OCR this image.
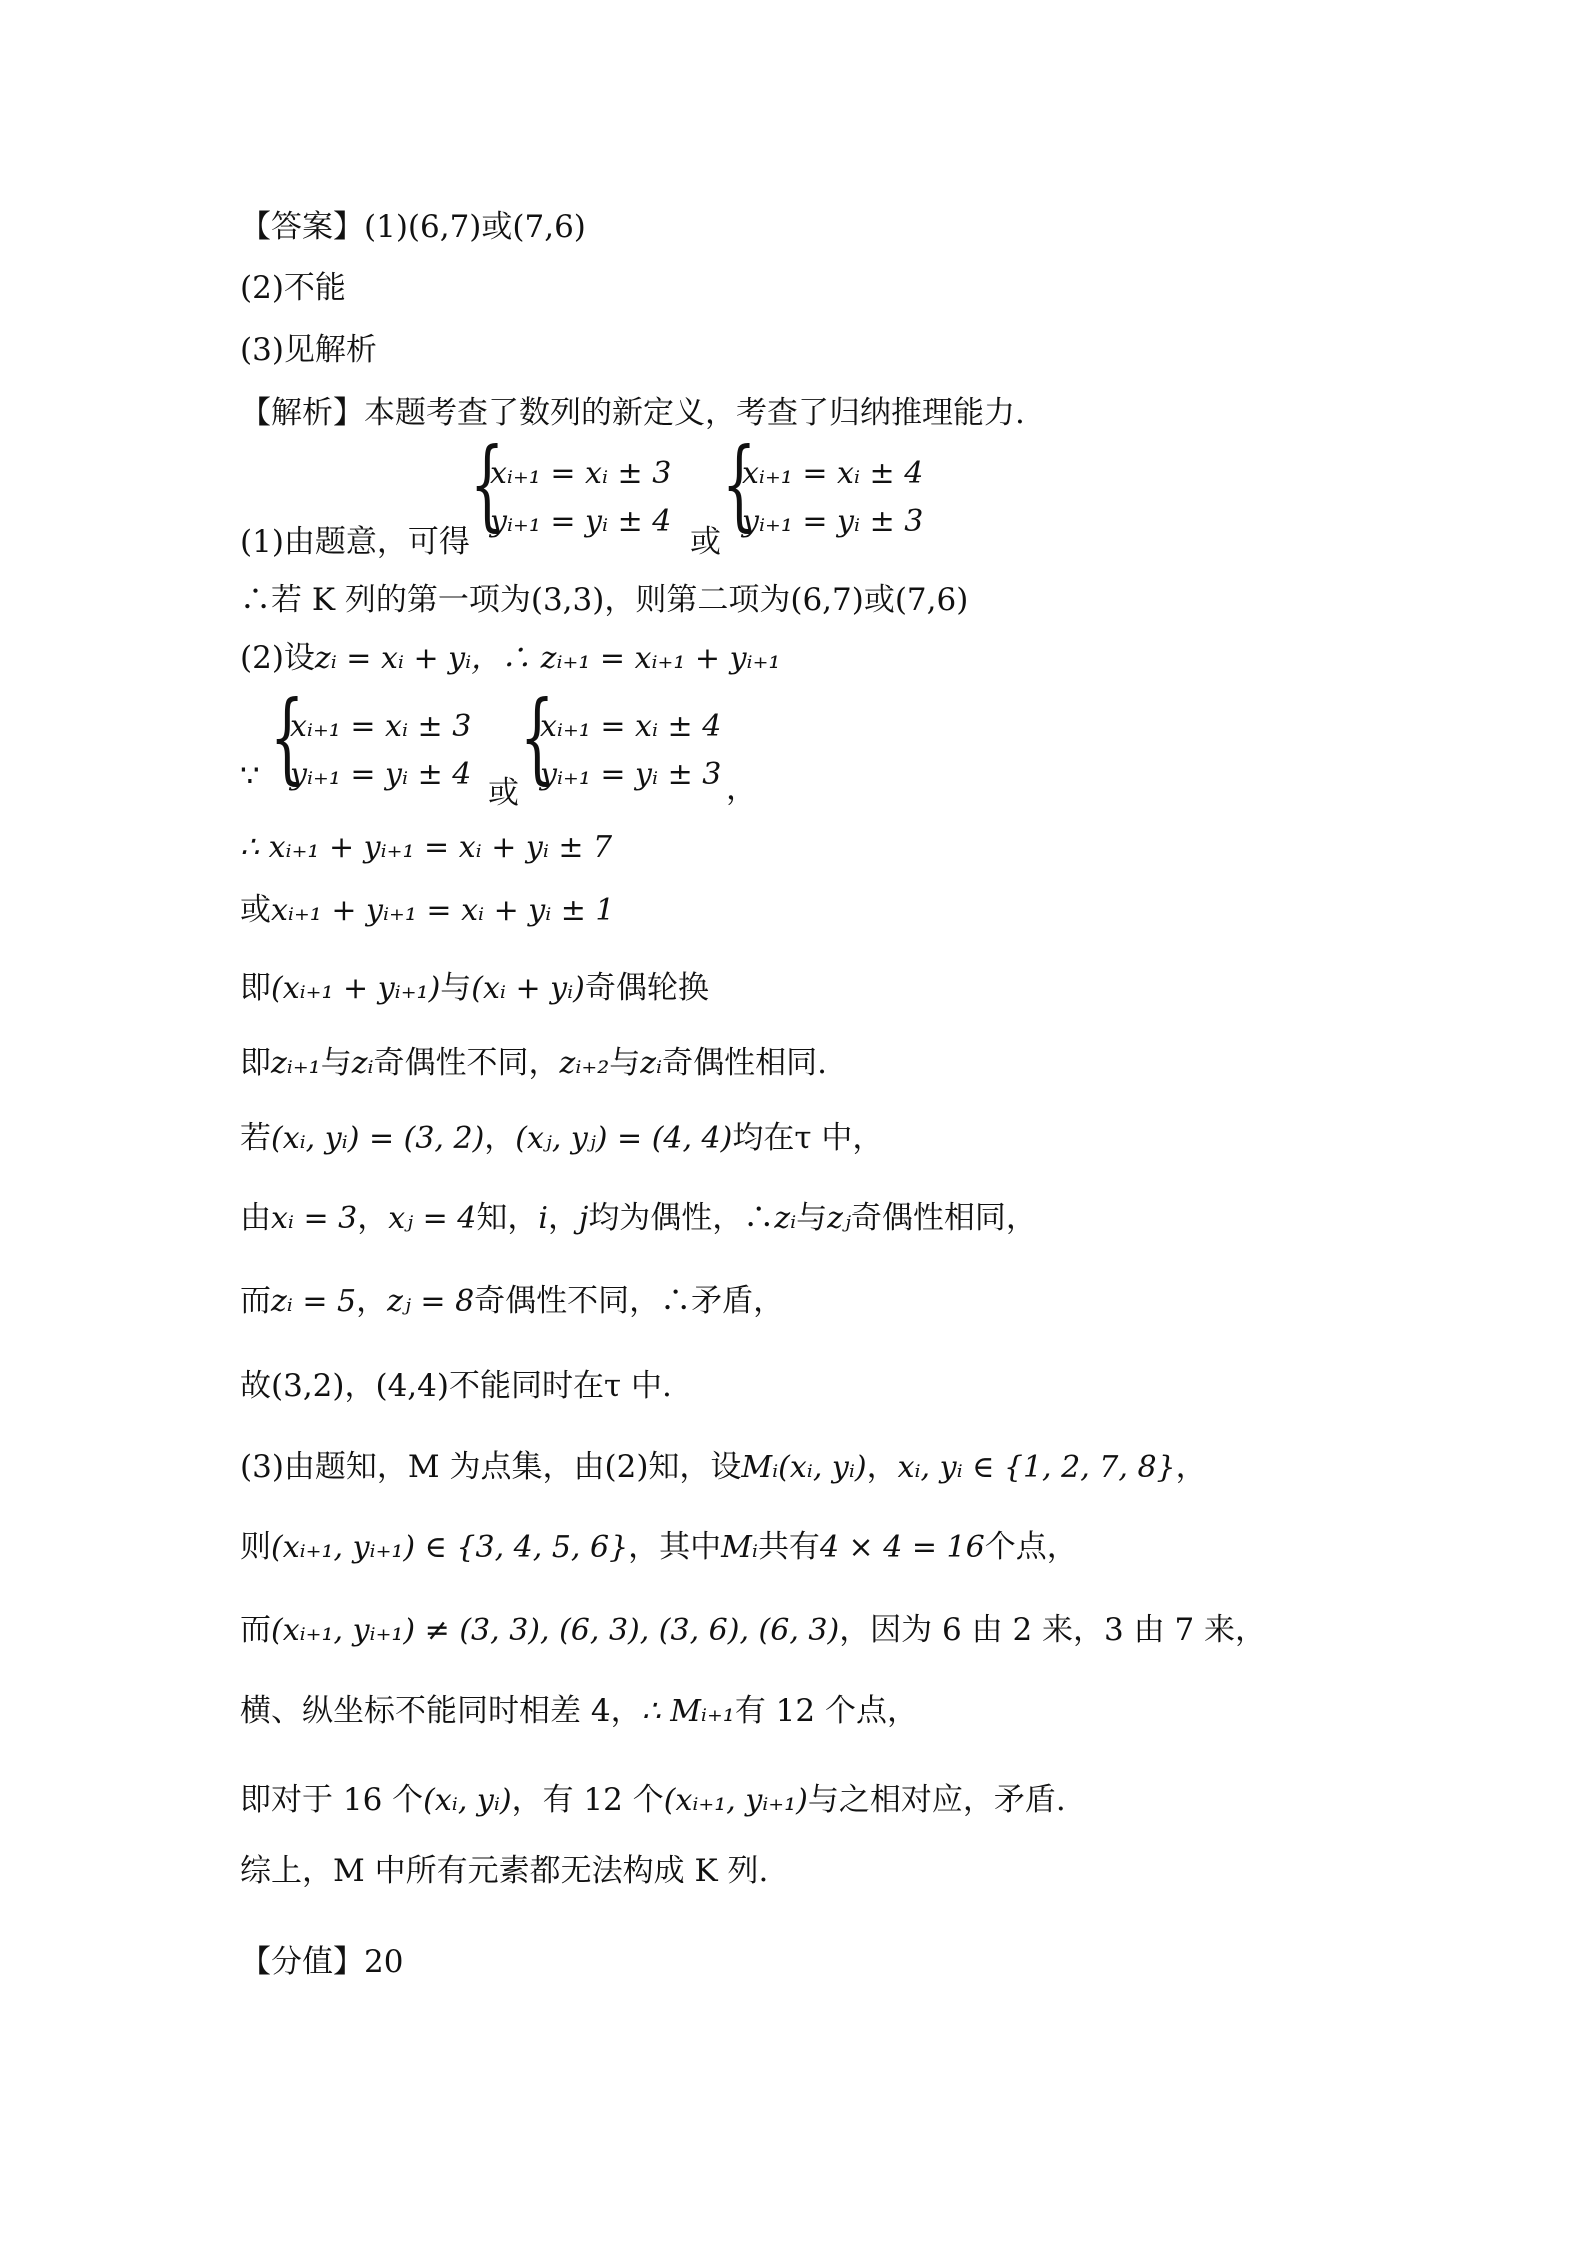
【答案】(1)(6,7)或(7,6)
(2)不能
(3)见解析
【解析】本题考查了数列的新定义，考查了归纳推理能力.
(1)由题意，可得 {
xᵢ₊₁ = xᵢ ± 3
yᵢ₊₁ = yᵢ ± 4
或 {
xᵢ₊₁ = xᵢ ± 4
yᵢ₊₁ = yᵢ ± 3
∴若 K 列的第一项为(3,3)，则第二项为(6,7)或(7,6)
(2)设zᵢ = xᵢ + yᵢ，∴ zᵢ₊₁ = xᵢ₊₁ + yᵢ₊₁
∵ {
xᵢ₊₁ = xᵢ ± 3
yᵢ₊₁ = yᵢ ± 4
或 {
xᵢ₊₁ = xᵢ ± 4
yᵢ₊₁ = yᵢ ± 3 ，
∴ xᵢ₊₁ + yᵢ₊₁ = xᵢ + yᵢ ± 7
或xᵢ₊₁ + yᵢ₊₁ = xᵢ + yᵢ ± 1
即(xᵢ₊₁ + yᵢ₊₁)与(xᵢ + yᵢ)奇偶轮换
即zᵢ₊₁与zᵢ奇偶性不同，zᵢ₊₂与zᵢ奇偶性相同.
若(xᵢ, yᵢ) = (3, 2)，(xⱼ, yⱼ) = (4, 4)均在τ 中，
由xᵢ = 3，xⱼ = 4知，i，j均为偶性，∴zᵢ与zⱼ奇偶性相同，
而zᵢ = 5，zⱼ = 8奇偶性不同，∴矛盾，
故(3,2)，(4,4)不能同时在τ 中.
(3)由题知，M 为点集，由(2)知，设Mᵢ(xᵢ, yᵢ)，xᵢ, yᵢ ∈ {1, 2, 7, 8}，
则(xᵢ₊₁, yᵢ₊₁) ∈ {3, 4, 5, 6}，其中Mᵢ共有4 × 4 = 16个点，
而(xᵢ₊₁, yᵢ₊₁) ≠ (3, 3), (6, 3), (3, 6), (6, 3)，因为 6 由 2 来，3 由 7 来，
横、纵坐标不能同时相差 4，∴ Mᵢ₊₁有 12 个点，
即对于 16 个(xᵢ, yᵢ)，有 12 个(xᵢ₊₁, yᵢ₊₁)与之相对应，矛盾.
综上，M 中所有元素都无法构成 K 列.
【分值】20
